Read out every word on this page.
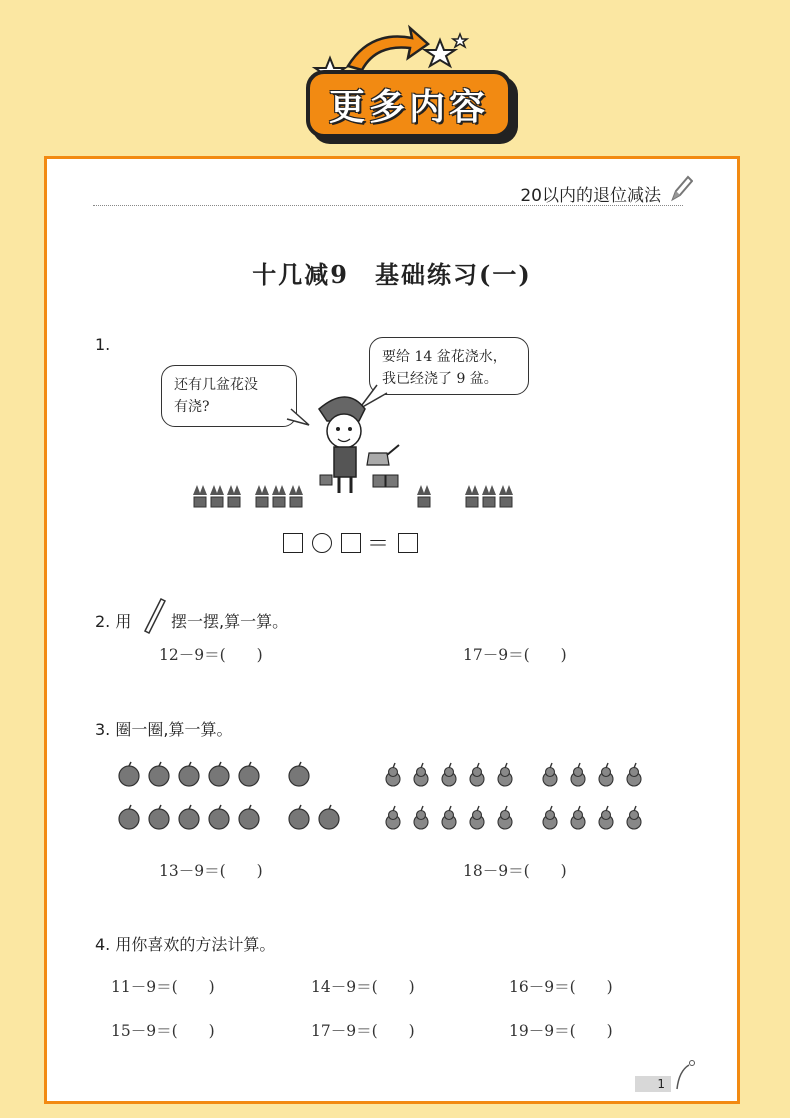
更多内容
20以内的退位减法
十几减9　基础练习(一)
1.
还有几盆花没
有浇?
要给 14 盆花浇水，
我已经浇了 9 盆。
＝
2. 用 摆一摆,算一算。
12－9＝(　　)	17－9＝(　　)
3. 圈一圈,算一算。
13－9＝(　　)	18－9＝(　　)
4. 用你喜欢的方法计算。
11－9＝(　　)	14－9＝(　　)	16－9＝(　　)
15－9＝(　　)	17－9＝(　　)	19－9＝(　　)
1
